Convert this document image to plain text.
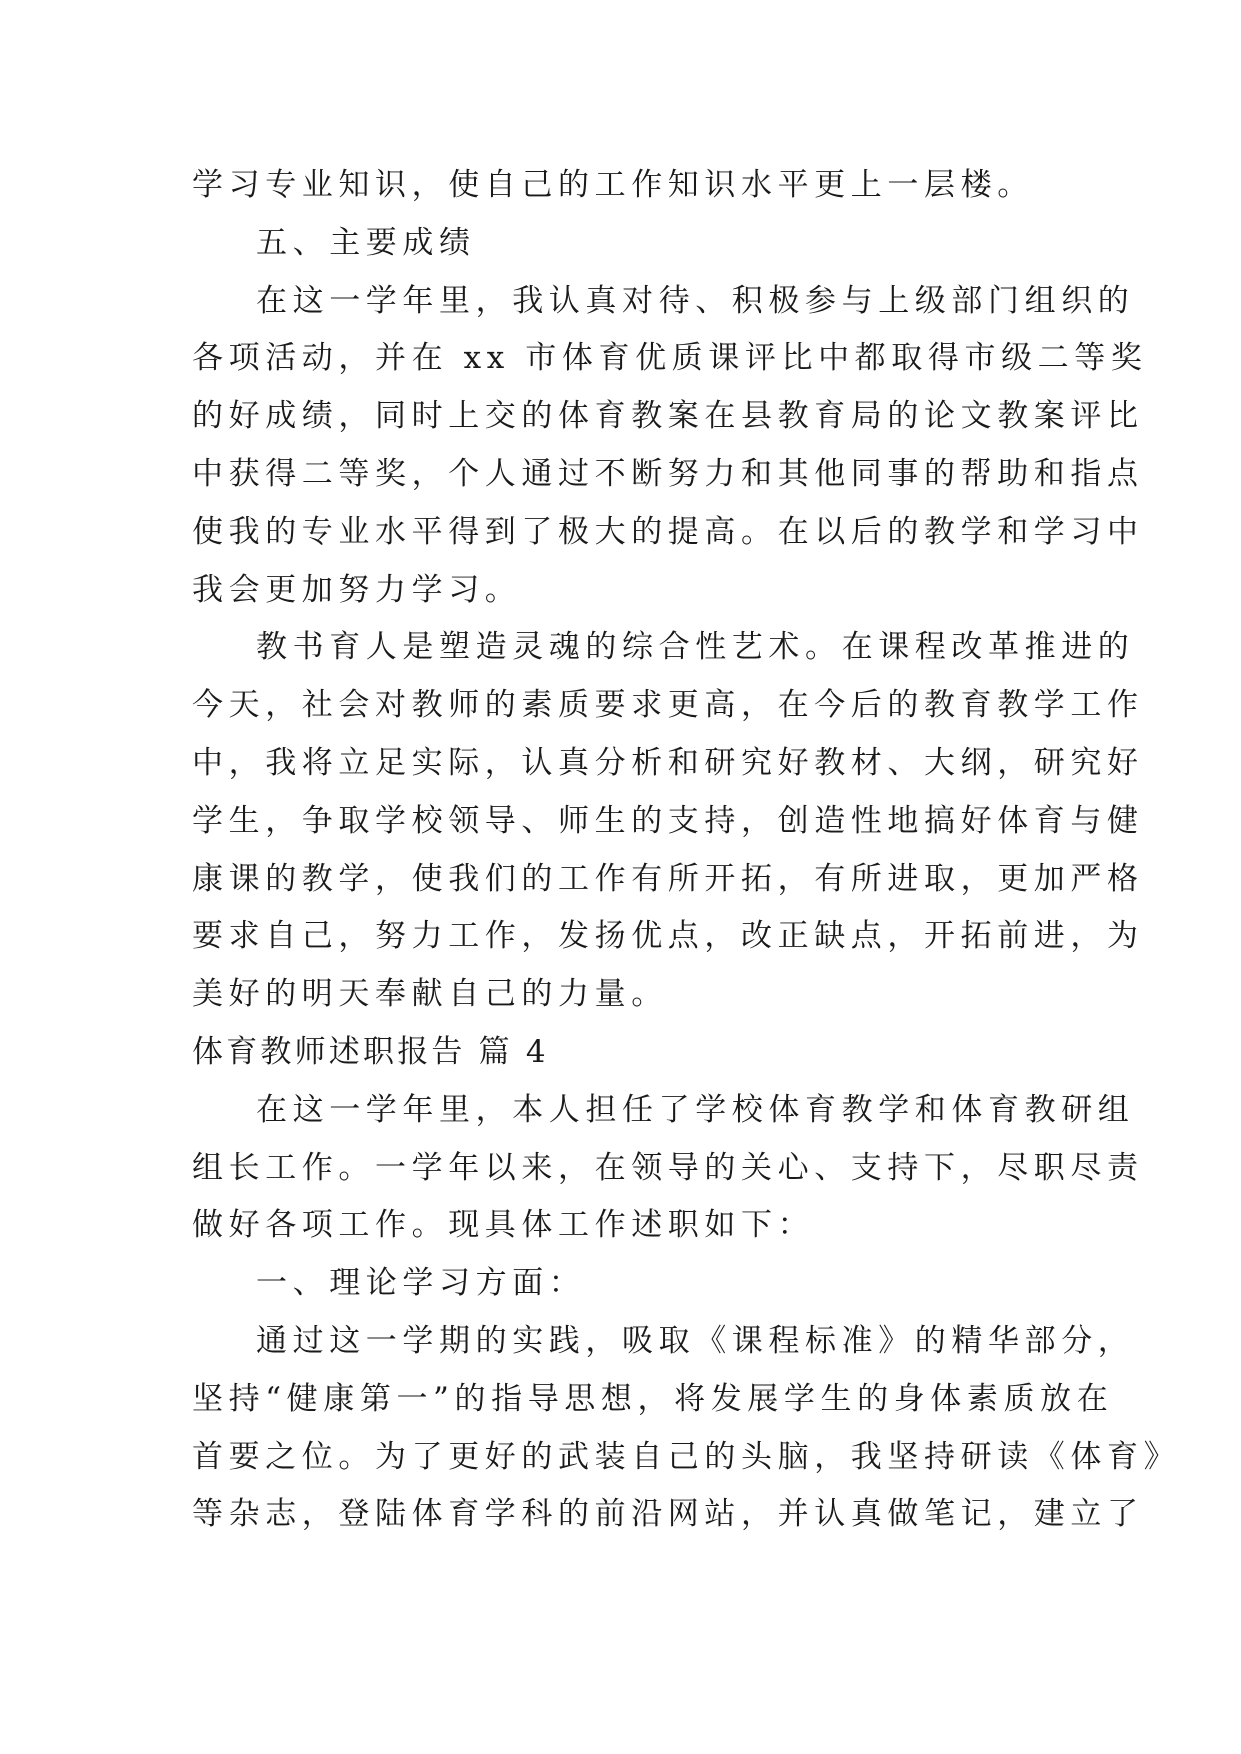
学习专业知识，使自己的工作知识水平更上一层楼。
五、主要成绩
在这一学年里，我认真对待、积极参与上级部门组织的
各项活动，并在 xx 市体育优质课评比中都取得市级二等奖
的好成绩，同时上交的体育教案在县教育局的论文教案评比
中获得二等奖，个人通过不断努力和其他同事的帮助和指点
使我的专业水平得到了极大的提高。在以后的教学和学习中
我会更加努力学习。
教书育人是塑造灵魂的综合性艺术。在课程改革推进的
今天，社会对教师的素质要求更高，在今后的教育教学工作
中，我将立足实际，认真分析和研究好教材、大纲，研究好
学生，争取学校领导、师生的支持，创造性地搞好体育与健
康课的教学，使我们的工作有所开拓，有所进取，更加严格
要求自己，努力工作，发扬优点，改正缺点，开拓前进，为
美好的明天奉献自己的力量。
体育教师述职报告 篇 4
在这一学年里，本人担任了学校体育教学和体育教研组
组长工作。一学年以来，在领导的关心、支持下，尽职尽责
做好各项工作。现具体工作述职如下：
一、理论学习方面：
通过这一学期的实践，吸取《课程标准》的精华部分，
坚持“健康第一”的指导思想，将发展学生的身体素质放在
首要之位。为了更好的武装自己的头脑，我坚持研读《体育》
等杂志，登陆体育学科的前沿网站，并认真做笔记，建立了
